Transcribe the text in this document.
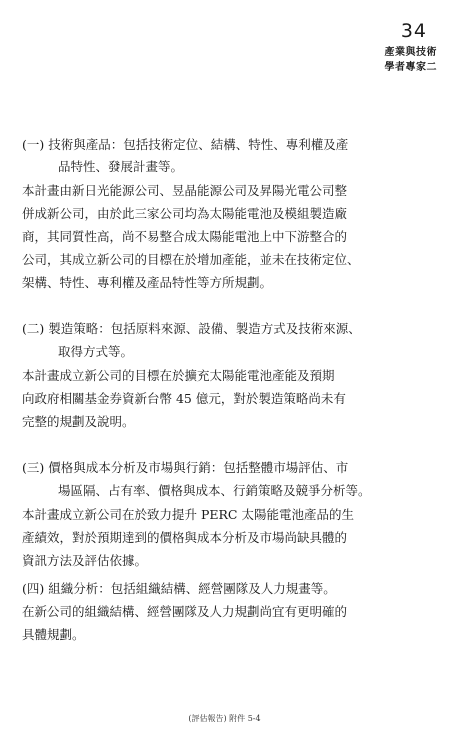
34
產業與技術
學者專家二
(一) 技術與產品：包括技術定位、結構、特性、專利權及產
品特性、發展計畫等。
本計畫由新日光能源公司、昱晶能源公司及昇陽光電公司整
併成新公司，由於此三家公司均為太陽能電池及模組製造廠
商，其同質性高，尚不易整合成太陽能電池上中下游整合的
公司，其成立新公司的目標在於增加產能，並未在技術定位、
架構、特性、專利權及產品特性等方所規劃。
(二) 製造策略：包括原料來源、設備、製造方式及技術來源、
取得方式等。
本計畫成立新公司的目標在於擴充太陽能電池產能及預期
向政府相關基金券資新台幣 45 億元，對於製造策略尚未有
完整的規劃及說明。
(三) 價格與成本分析及市場與行銷：包括整體市場評估、市
場區隔、占有率、價格與成本、行銷策略及競爭分析等。
本計畫成立新公司在於致力提升 PERC 太陽能電池產品的生
產績效，對於預期達到的價格與成本分析及市場尚缺具體的
資訊方法及評估依據。
(四) 組織分析：包括組織結構、經營團隊及人力規畫等。
在新公司的組織結構、經營團隊及人力規劃尚宜有更明確的
具體規劃。
(評估報告) 附件 5-4
